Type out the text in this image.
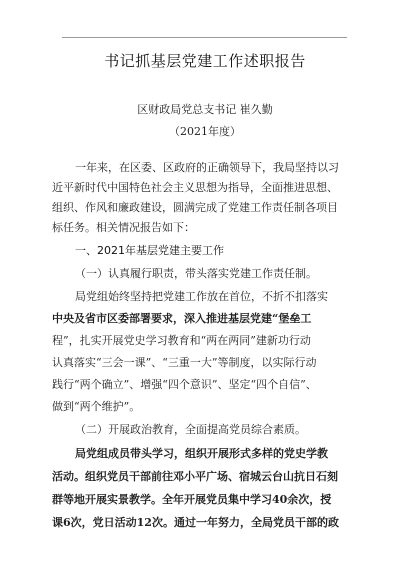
书记抓基层党建工作述职报告
区财政局党总支书记 崔久勤
（2021年度）
一年来，在区委、区政府的正确领导下，我局坚持以习
近平新时代中国特色社会主义思想为指导，全面推进思想、
组织、作风和廉政建设，圆满完成了党建工作责任制各项目
标任务。相关情况报告如下：
一、2021年基层党建主要工作
（一）认真履行职责，带头落实党建工作责任制。
局党组始终坚持把党建工作放在首位，不折不扣落实
中央及省市区委部署要求，深入推进基层党建“堡垒工
程”，扎实开展党史学习教育和“两在两同”建新功行动
认真落实“三会一课”、“三重一大”等制度，以实际行动
践行“两个确立”、增强“四个意识”、坚定“四个自信”、
做到“两个维护”。
（二）开展政治教育，全面提高党员综合素质。
局党组成员带头学习，组织开展形式多样的党史学教
活动。组织党员干部前往邓小平广场、宿城云台山抗日石刻
群等地开展实景教学。全年开展党员集中学习40余次，授
课6次，党日活动12次。通过一年努力，全局党员干部的政
